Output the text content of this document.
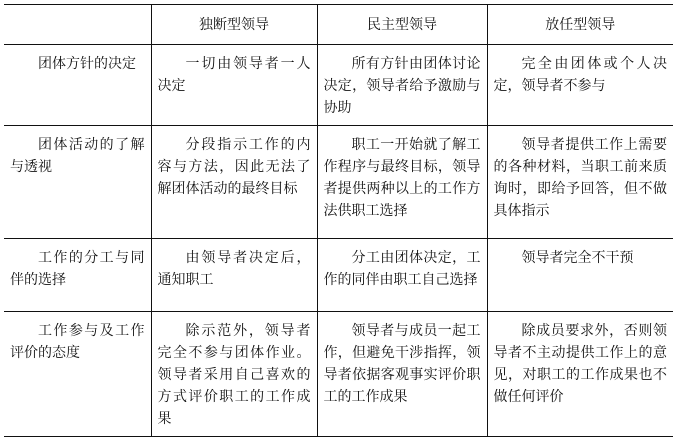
	独断型领导	民主型领导	放任型领导

团体方针的决定	一切由领导者一人决定	所有方针由团体讨论决定，领导者给予激励与协助	完全由团体或个人决定，领导者不参与

团体活动的了解与透视	分段指示工作的内容与方法，因此无法了解团体活动的最终目标	职工一开始就了解工作程序与最终目标，领导者提供两种以上的工作方法供职工选择	领导者提供工作上需要的各种材料，当职工前来质询时，即给予回答，但不做具体指示

工作的分工与同伴的选择	由领导者决定后，通知职工	分工由团体决定，工作的同伴由职工自己选择	领导者完全不干预

工作参与及工作评价的态度	除示范外，领导者完全不参与团体作业。领导者采用自己喜欢的方式评价职工的工作成果	领导者与成员一起工作，但避免干涉指挥，领导者依据客观事实评价职工的工作成果	除成员要求外，否则领导者不主动提供工作上的意见，对职工的工作成果也不做任何评价
